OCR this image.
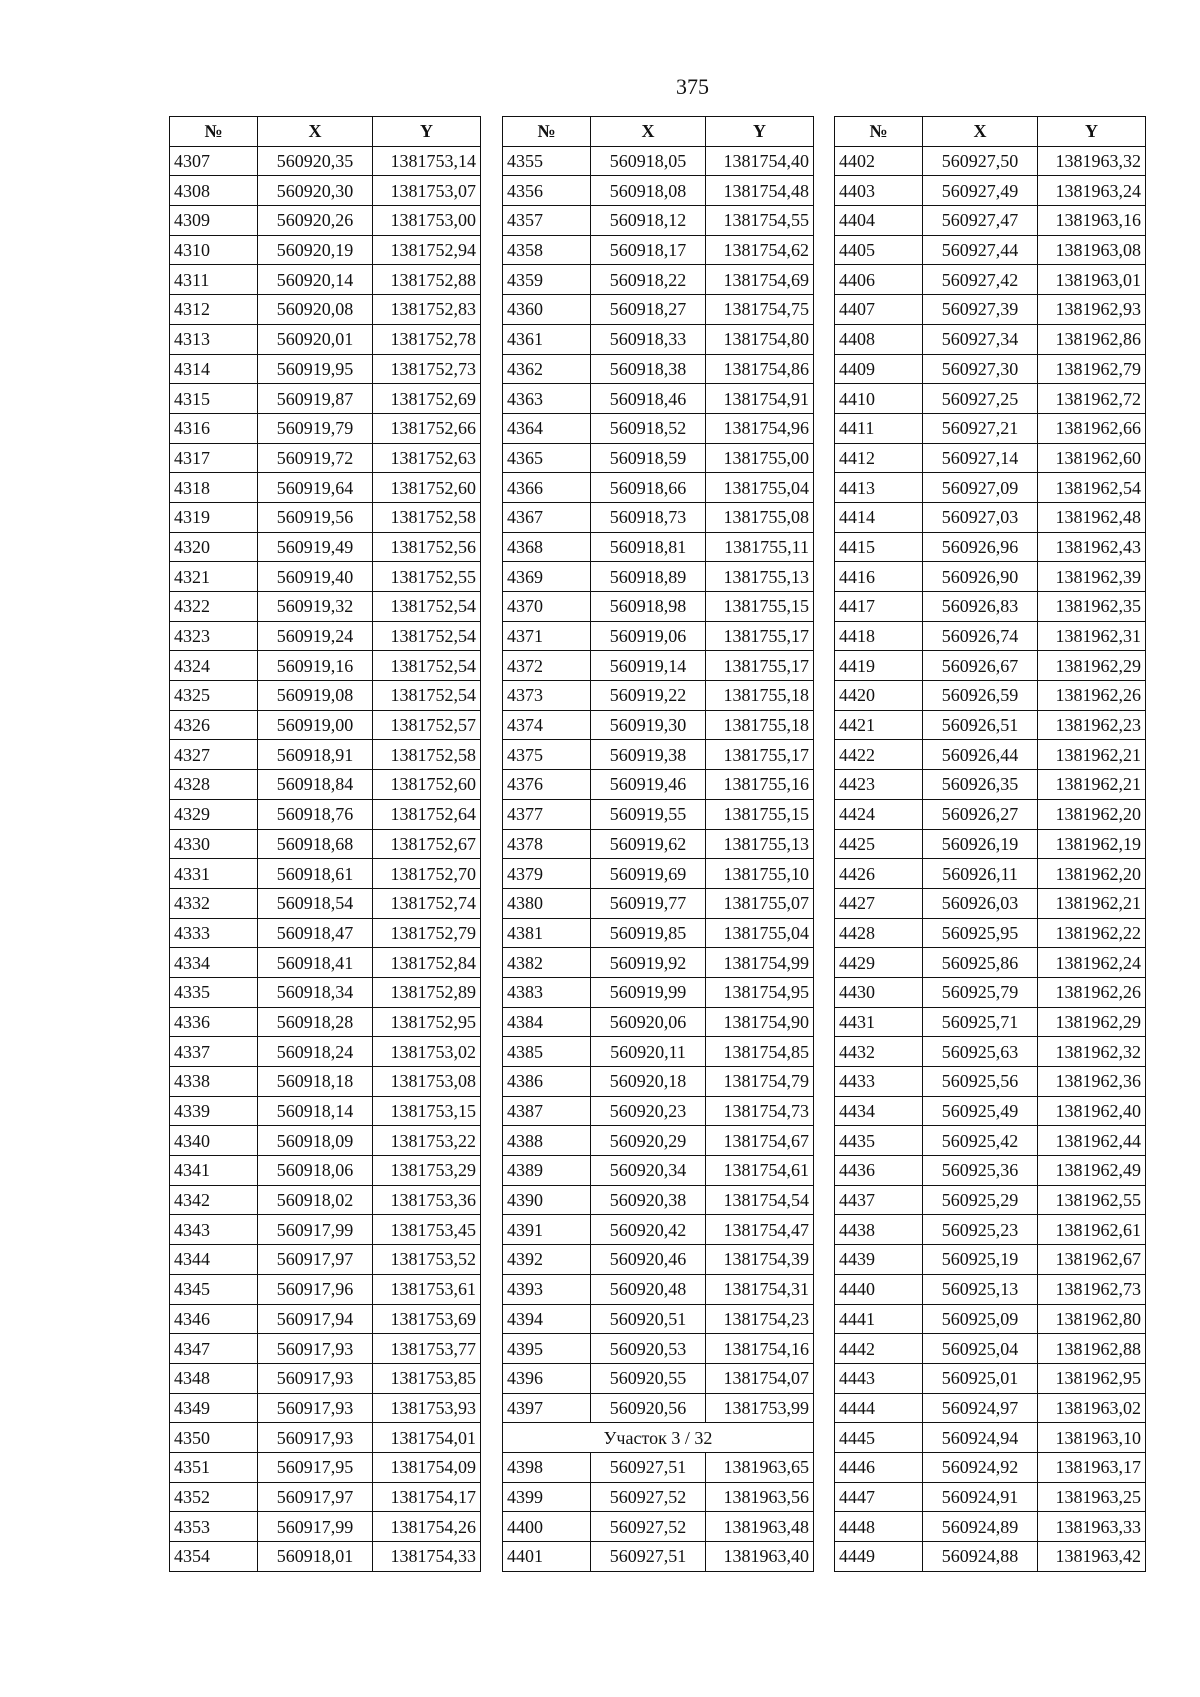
375
№	X	Y
4307	560920,35	1381753,14
4308	560920,30	1381753,07
4309	560920,26	1381753,00
4310	560920,19	1381752,94
4311	560920,14	1381752,88
4312	560920,08	1381752,83
4313	560920,01	1381752,78
4314	560919,95	1381752,73
4315	560919,87	1381752,69
4316	560919,79	1381752,66
4317	560919,72	1381752,63
4318	560919,64	1381752,60
4319	560919,56	1381752,58
4320	560919,49	1381752,56
4321	560919,40	1381752,55
4322	560919,32	1381752,54
4323	560919,24	1381752,54
4324	560919,16	1381752,54
4325	560919,08	1381752,54
4326	560919,00	1381752,57
4327	560918,91	1381752,58
4328	560918,84	1381752,60
4329	560918,76	1381752,64
4330	560918,68	1381752,67
4331	560918,61	1381752,70
4332	560918,54	1381752,74
4333	560918,47	1381752,79
4334	560918,41	1381752,84
4335	560918,34	1381752,89
4336	560918,28	1381752,95
4337	560918,24	1381753,02
4338	560918,18	1381753,08
4339	560918,14	1381753,15
4340	560918,09	1381753,22
4341	560918,06	1381753,29
4342	560918,02	1381753,36
4343	560917,99	1381753,45
4344	560917,97	1381753,52
4345	560917,96	1381753,61
4346	560917,94	1381753,69
4347	560917,93	1381753,77
4348	560917,93	1381753,85
4349	560917,93	1381753,93
4350	560917,93	1381754,01
4351	560917,95	1381754,09
4352	560917,97	1381754,17
4353	560917,99	1381754,26
4354	560918,01	1381754,33
№	X	Y
4355	560918,05	1381754,40
4356	560918,08	1381754,48
4357	560918,12	1381754,55
4358	560918,17	1381754,62
4359	560918,22	1381754,69
4360	560918,27	1381754,75
4361	560918,33	1381754,80
4362	560918,38	1381754,86
4363	560918,46	1381754,91
4364	560918,52	1381754,96
4365	560918,59	1381755,00
4366	560918,66	1381755,04
4367	560918,73	1381755,08
4368	560918,81	1381755,11
4369	560918,89	1381755,13
4370	560918,98	1381755,15
4371	560919,06	1381755,17
4372	560919,14	1381755,17
4373	560919,22	1381755,18
4374	560919,30	1381755,18
4375	560919,38	1381755,17
4376	560919,46	1381755,16
4377	560919,55	1381755,15
4378	560919,62	1381755,13
4379	560919,69	1381755,10
4380	560919,77	1381755,07
4381	560919,85	1381755,04
4382	560919,92	1381754,99
4383	560919,99	1381754,95
4384	560920,06	1381754,90
4385	560920,11	1381754,85
4386	560920,18	1381754,79
4387	560920,23	1381754,73
4388	560920,29	1381754,67
4389	560920,34	1381754,61
4390	560920,38	1381754,54
4391	560920,42	1381754,47
4392	560920,46	1381754,39
4393	560920,48	1381754,31
4394	560920,51	1381754,23
4395	560920,53	1381754,16
4396	560920,55	1381754,07
4397	560920,56	1381753,99
Участок 3 / 32		
4398	560927,51	1381963,65
4399	560927,52	1381963,56
4400	560927,52	1381963,48
4401	560927,51	1381963,40
№	X	Y
4402	560927,50	1381963,32
4403	560927,49	1381963,24
4404	560927,47	1381963,16
4405	560927,44	1381963,08
4406	560927,42	1381963,01
4407	560927,39	1381962,93
4408	560927,34	1381962,86
4409	560927,30	1381962,79
4410	560927,25	1381962,72
4411	560927,21	1381962,66
4412	560927,14	1381962,60
4413	560927,09	1381962,54
4414	560927,03	1381962,48
4415	560926,96	1381962,43
4416	560926,90	1381962,39
4417	560926,83	1381962,35
4418	560926,74	1381962,31
4419	560926,67	1381962,29
4420	560926,59	1381962,26
4421	560926,51	1381962,23
4422	560926,44	1381962,21
4423	560926,35	1381962,21
4424	560926,27	1381962,20
4425	560926,19	1381962,19
4426	560926,11	1381962,20
4427	560926,03	1381962,21
4428	560925,95	1381962,22
4429	560925,86	1381962,24
4430	560925,79	1381962,26
4431	560925,71	1381962,29
4432	560925,63	1381962,32
4433	560925,56	1381962,36
4434	560925,49	1381962,40
4435	560925,42	1381962,44
4436	560925,36	1381962,49
4437	560925,29	1381962,55
4438	560925,23	1381962,61
4439	560925,19	1381962,67
4440	560925,13	1381962,73
4441	560925,09	1381962,80
4442	560925,04	1381962,88
4443	560925,01	1381962,95
4444	560924,97	1381963,02
4445	560924,94	1381963,10
4446	560924,92	1381963,17
4447	560924,91	1381963,25
4448	560924,89	1381963,33
4449	560924,88	1381963,42
